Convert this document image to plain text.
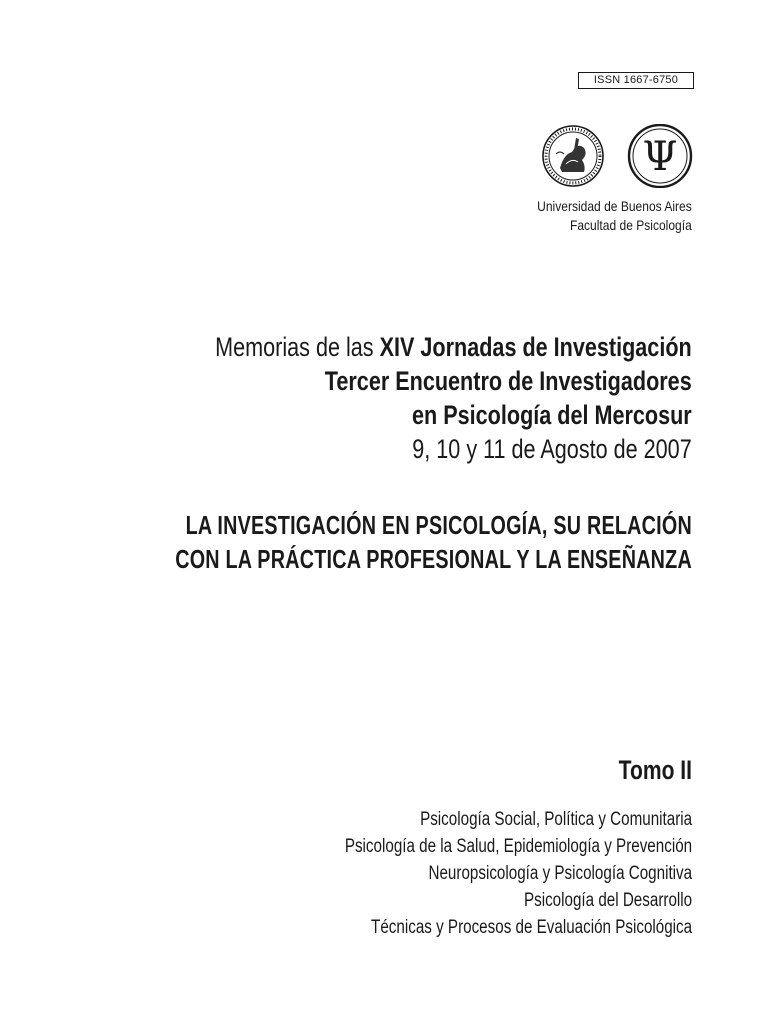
ISSN 1667-6750
Ψ
Universidad de Buenos Aires
Facultad de Psicología
Memorias de las XIV Jornadas de Investigación
Tercer Encuentro de Investigadores
en Psicología del Mercosur
9, 10 y 11 de Agosto de 2007
LA INVESTIGACIÓN EN PSICOLOGÍA, SU RELACIÓN
CON LA PRÁCTICA PROFESIONAL Y LA ENSEÑANZA
Tomo II
Psicología Social, Política y Comunitaria
Psicología de la Salud, Epidemiología y Prevención
Neuropsicología y Psicología Cognitiva
Psicología del Desarrollo
Técnicas y Procesos de Evaluación Psicológica
